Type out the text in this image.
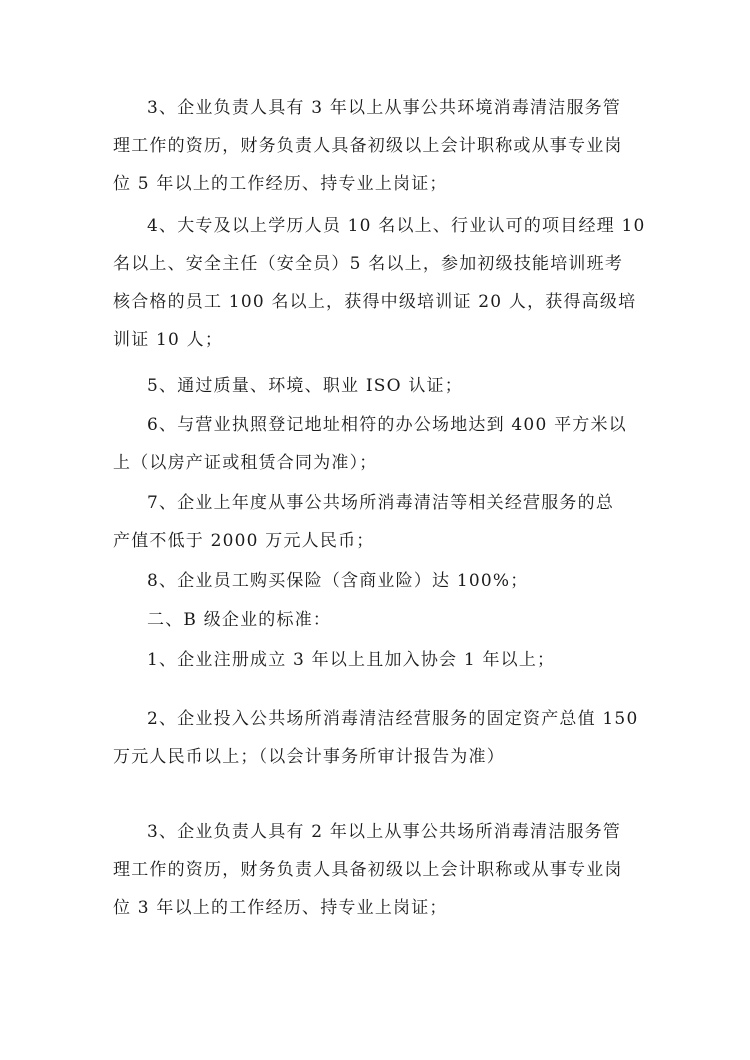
3、企业负责人具有 3 年以上从事公共环境消毒清洁服务管
理工作的资历，财务负责人具备初级以上会计职称或从事专业岗
位 5 年以上的工作经历、持专业上岗证；
4、大专及以上学历人员 10 名以上、行业认可的项目经理 10
名以上、安全主任（安全员）5 名以上，参加初级技能培训班考
核合格的员工 100 名以上，获得中级培训证 20 人，获得高级培
训证 10 人；
5、通过质量、环境、职业 ISO 认证；
6、与营业执照登记地址相符的办公场地达到 400 平方米以
上（以房产证或租赁合同为准）；
7、企业上年度从事公共场所消毒清洁等相关经营服务的总
产值不低于 2000 万元人民币；
8、企业员工购买保险（含商业险）达 100%；
二、B 级企业的标准：
1、企业注册成立 3 年以上且加入协会 1 年以上；
2、企业投入公共场所消毒清洁经营服务的固定资产总值 150
万元人民币以上；（以会计事务所审计报告为准）
3、企业负责人具有 2 年以上从事公共场所消毒清洁服务管
理工作的资历，财务负责人具备初级以上会计职称或从事专业岗
位 3 年以上的工作经历、持专业上岗证；
